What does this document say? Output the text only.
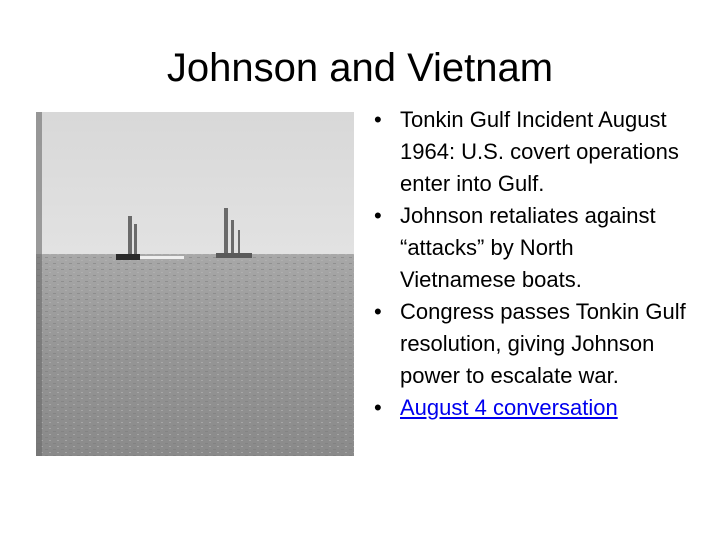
Johnson and Vietnam
• Tonkin Gulf Incident August 1964: U.S. covert operations enter into Gulf.
• Johnson retaliates against “attacks” by North Vietnamese boats.
• Congress passes Tonkin Gulf resolution, giving Johnson power to escalate war.
• August 4 conversation
